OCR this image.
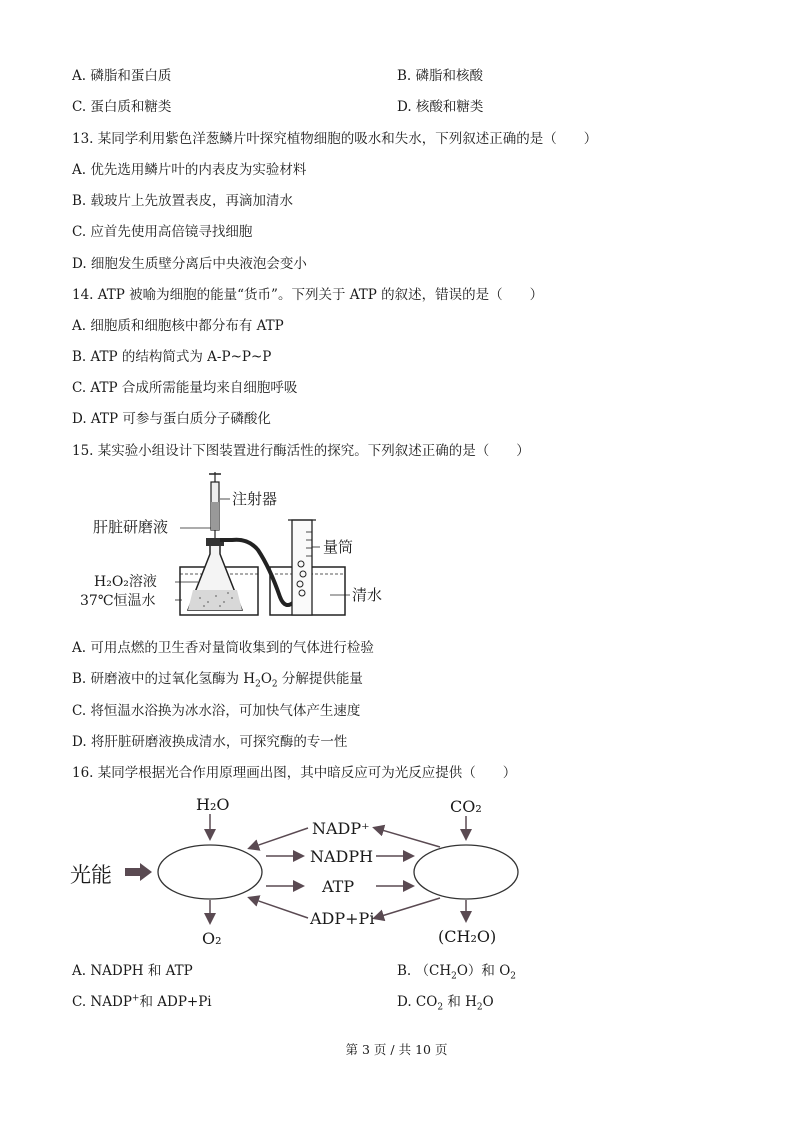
A. 磷脂和蛋白质	B. 磷脂和核酸
C. 蛋白质和糖类	D. 核酸和糖类
13. 某同学利用紫色洋葱鳞片叶探究植物细胞的吸水和失水，下列叙述正确的是（　　）
A. 优先选用鳞片叶的内表皮为实验材料
B. 载玻片上先放置表皮，再滴加清水
C. 应首先使用高倍镜寻找细胞
D. 细胞发生质壁分离后中央液泡会变小
14. ATP 被喻为细胞的能量“货币”。下列关于 ATP 的叙述，错误的是（　　）
A. 细胞质和细胞核中都分布有 ATP
B. ATP 的结构简式为 A-P~P~P
C. ATP 合成所需能量均来自细胞呼吸
D. ATP 可参与蛋白质分子磷酸化
15. 某实验小组设计下图装置进行酶活性的探究。下列叙述正确的是（　　）
注射器
肝脏研磨液
量筒
H₂O₂溶液
37℃恒温水	清水
A. 可用点燃的卫生香对量筒收集到的气体进行检验
B. 研磨液中的过氧化氢酶为 $H_2O_2$ 分解提供能量
C. 将恒温水浴换为冰水浴，可加快气体产生速度
D. 将肝脏研磨液换成清水，可探究酶的专一性
16. 某同学根据光合作用原理画出图，其中暗反应可为光反应提供（　　）
光能
H₂O
O₂
CO₂
(CH₂O)
NADP⁺
NADPH
ATP
ADP+Pi
A. NADPH 和 ATP	B. $(CH_2O)$和 $O_2$
C. NADP+和 ADP+Pi	D. $CO_2$ 和 $H_2O$
第 3 页 / 共 10 页
